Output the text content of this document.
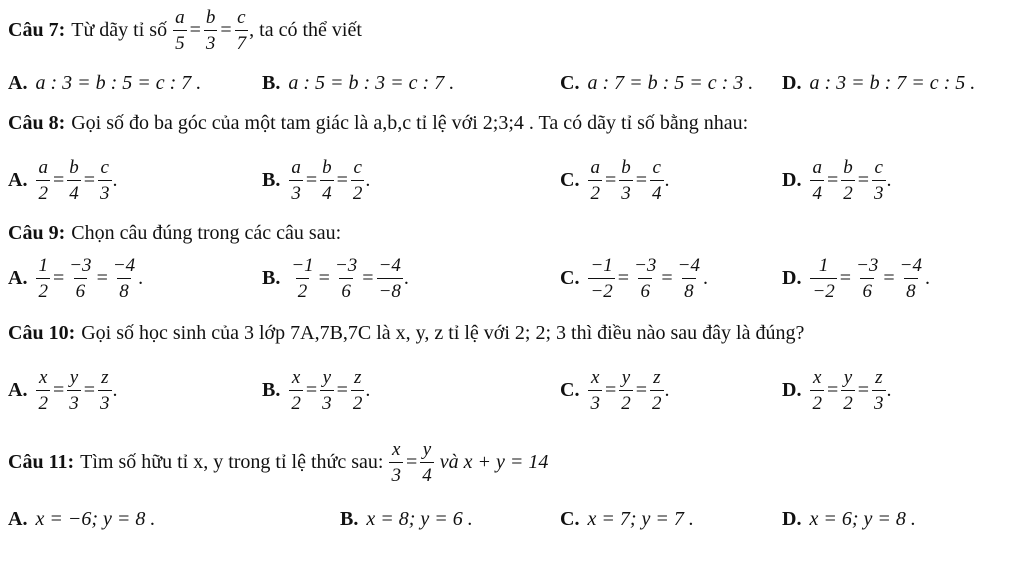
Câu 7: Từ dãy tỉ số
$\frac{a}{5} = \frac{b}{3} = \frac{c}{7}$ , ta có thể viết
A. a : 3 = b : 5 = c : 7 .	B. a : 5 = b : 3 = c : 7 .	C. a : 7 = b : 5 = c : 3 . D. a : 3 = b : 7 = c : 5 .
Câu 8: Gọi số đo ba góc của một tam giác là a,b,c tỉ lệ với 2;3;4 . Ta có dãy tỉ số bằng nhau:
A. $\frac{a}{2} = \frac{b}{4} = \frac{c}{3}$ .	B. $\frac{a}{3} = \frac{b}{4} = \frac{c}{2}$ .	C. $\frac{a}{2} = \frac{b}{3} = \frac{c}{4}$ .	D. $\frac{a}{4} = \frac{b}{2} = \frac{c}{3}$ .
Câu 9: Chọn câu đúng trong các câu sau:
A. $\frac{1}{2} = \frac{-3}{6} = \frac{-4}{8}$ .	B. $\frac{-1}{2} = \frac{-3}{6} = \frac{-4}{-8}$ .	C. $\frac{-1}{-2} = \frac{-3}{6} = \frac{-4}{8}$ .	D. $\frac{1}{-2} = \frac{-3}{6} = \frac{-4}{8}$ .
Câu 10: Gọi số học sinh của 3 lớp 7A,7B,7C là x, y, z tỉ lệ với 2; 2; 3 thì điều nào sau đây là đúng?
A. $\frac{x}{2} = \frac{y}{3} = \frac{z}{3}$ .	B. $\frac{x}{2} = \frac{y}{3} = \frac{z}{2}$ .	C. $\frac{x}{3} = \frac{y}{2} = \frac{z}{2}$ .	D. $\frac{x}{2} = \frac{y}{2} = \frac{z}{3}$ .
Câu 11: Tìm số hữu tỉ x, y trong tỉ lệ thức sau:
$\frac{x}{3} = \frac{y}{4}$
và x + y = 14
A. x = −6; y = 8 .	B. x = 8; y = 6 .	C. x = 7; y = 7 .	D. x = 6; y = 8 .
